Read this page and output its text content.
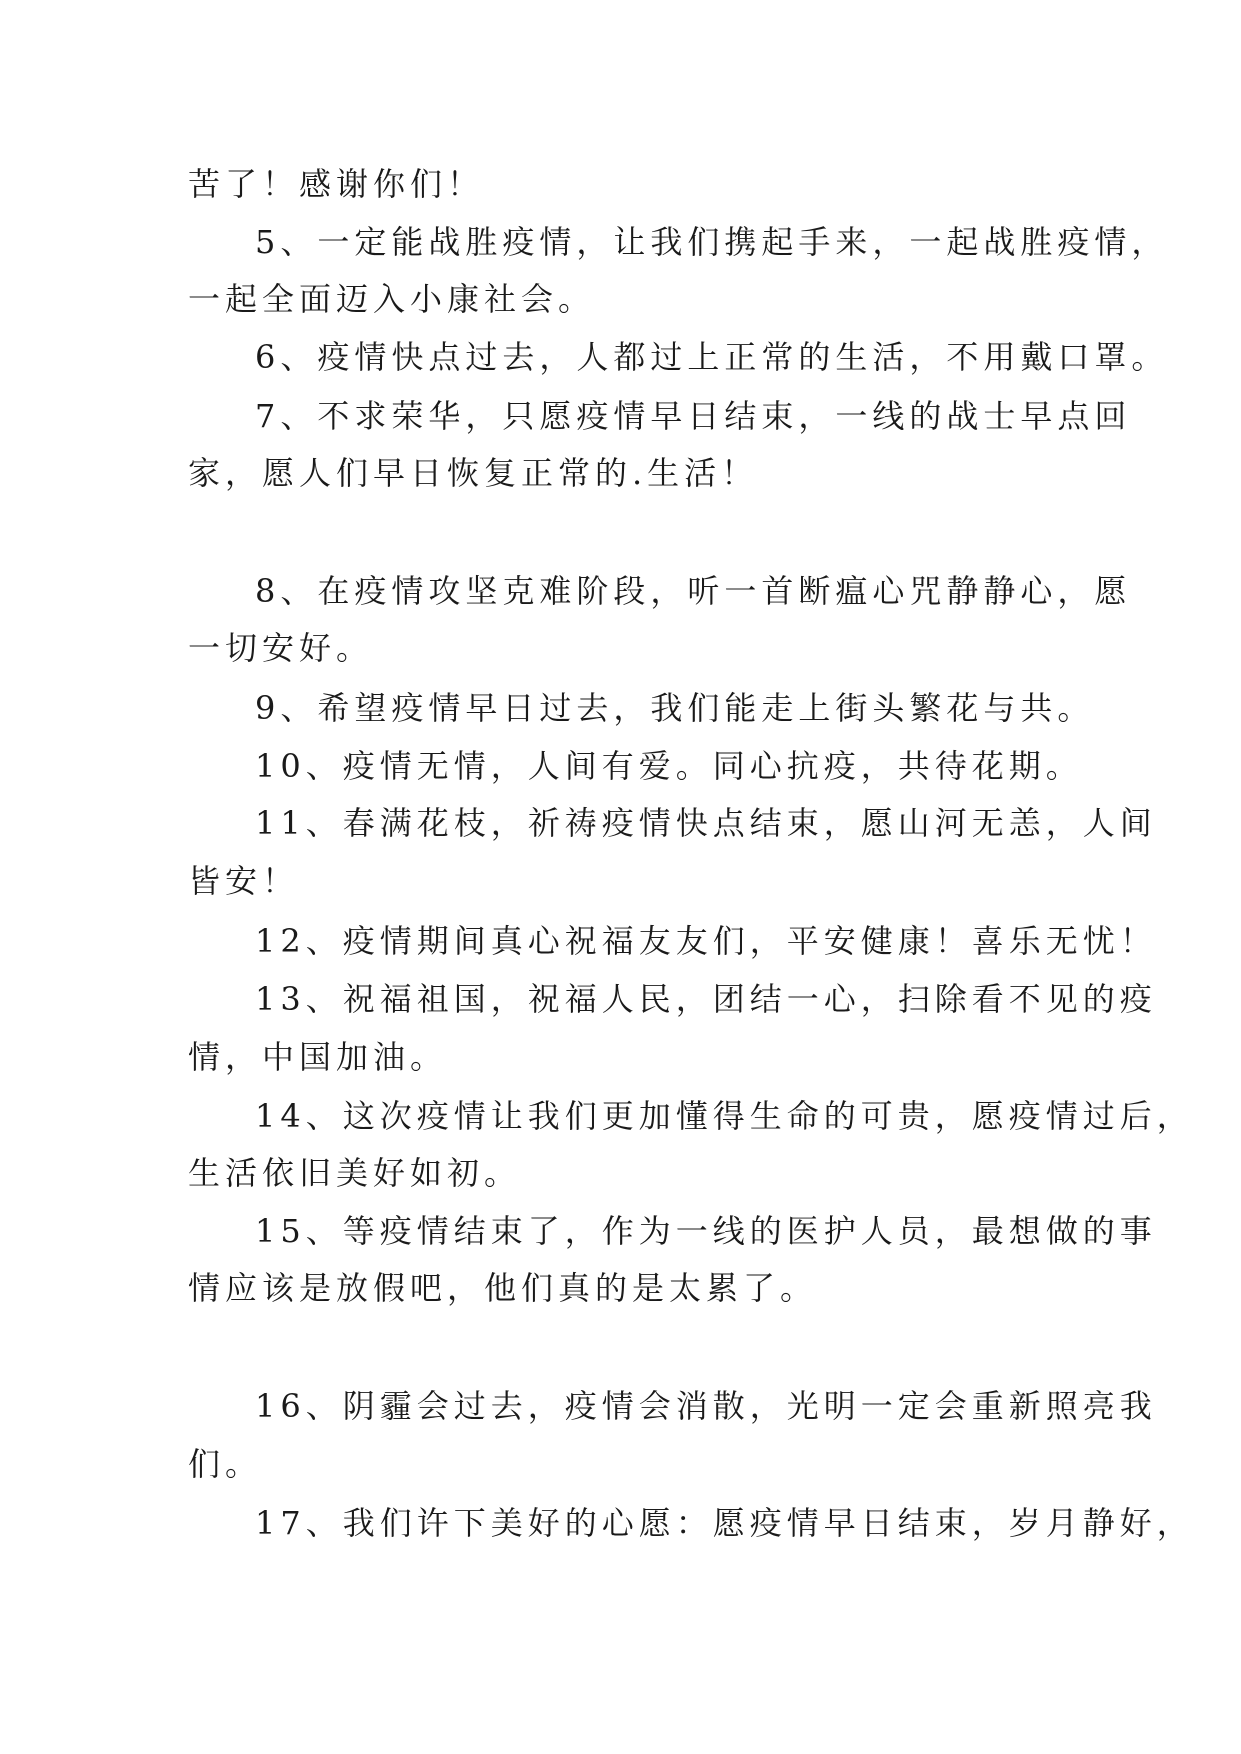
苦了！感谢你们！
5、一定能战胜疫情，让我们携起手来，一起战胜疫情，
一起全面迈入小康社会。
6、疫情快点过去，人都过上正常的生活，不用戴口罩。
7、不求荣华，只愿疫情早日结束，一线的战士早点回
家，愿人们早日恢复正常的.生活！
8、在疫情攻坚克难阶段，听一首断瘟心咒静静心，愿
一切安好。
9、希望疫情早日过去，我们能走上街头繁花与共。
10、疫情无情，人间有爱。同心抗疫，共待花期。
11、春满花枝，祈祷疫情快点结束，愿山河无恙，人间
皆安！
12、疫情期间真心祝福友友们，平安健康！喜乐无忧！
13、祝福祖国，祝福人民，团结一心，扫除看不见的疫
情，中国加油。
14、这次疫情让我们更加懂得生命的可贵，愿疫情过后，
生活依旧美好如初。
15、等疫情结束了，作为一线的医护人员，最想做的事
情应该是放假吧，他们真的是太累了。
16、阴霾会过去，疫情会消散，光明一定会重新照亮我
们。
17、我们许下美好的心愿：愿疫情早日结束，岁月静好，
